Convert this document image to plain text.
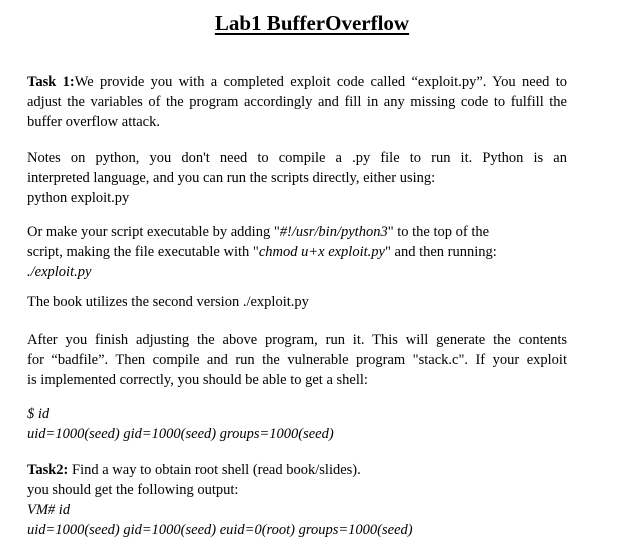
Lab1 BufferOverflow
Task 1:We provide you with a completed exploit code called “exploit.py”. You need to adjust the variables of the program accordingly and fill in any missing code to fulfill the buffer overflow attack.
Notes on python, you don't need to compile a .py file to run it. Python is an
interpreted language, and you can run the scripts directly, either using:
python exploit.py
Or make your script executable by adding "#!/usr/bin/python3" to the top of the
script, making the file executable with "chmod u+x exploit.py" and then running:
./exploit.py
The book utilizes the second version ./exploit.py
After you finish adjusting the above program, run it. This will generate the contents
for “badfile”. Then compile and run the vulnerable program "stack.c". If your exploit
is implemented correctly, you should be able to get a shell:
$ id
uid=1000(seed) gid=1000(seed) groups=1000(seed)
Task2: Find a way to obtain root shell (read book/slides).
you should get the following output:
VM# id
uid=1000(seed) gid=1000(seed) euid=0(root) groups=1000(seed)
